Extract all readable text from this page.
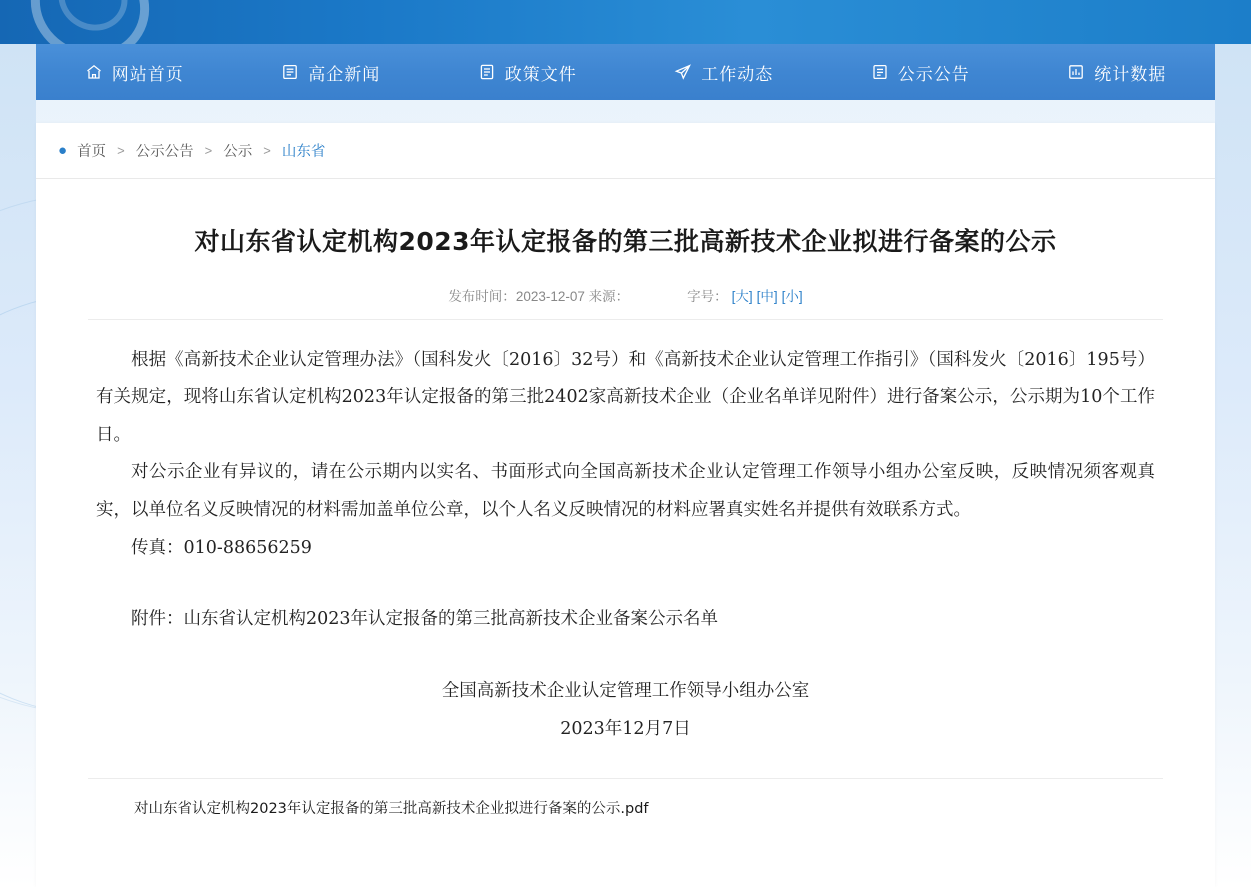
网站首页	高企新闻	政策文件	工作动态	公示公告	统计数据
● 首页 > 公示公告 > 公示 > 山东省
对山东省认定机构2023年认定报备的第三批高新技术企业拟进行备案的公示
发布时间：2023-12-07 来源：	字号： [大] [中] [小]

根据《高新技术企业认定管理办法》（国科发火〔2016〕32号）和《高新技术企业认定管理工作指引》（国科发火〔2016〕195号）有关规定，现将山东省认定机构2023年认定报备的第三批2402家高新技术企业（企业名单详见附件）进行备案公示，公示期为10个工作日。

对公示企业有异议的，请在公示期内以实名、书面形式向全国高新技术企业认定管理工作领导小组办公室反映，反映情况须客观真实，以单位名义反映情况的材料需加盖单位公章，以个人名义反映情况的材料应署真实姓名并提供有效联系方式。

传真：010-88656259

附件：山东省认定机构2023年认定报备的第三批高新技术企业备案公示名单

全国高新技术企业认定管理工作领导小组办公室

2023年12月7日

对山东省认定机构2023年认定报备的第三批高新技术企业拟进行备案的公示.pdf
